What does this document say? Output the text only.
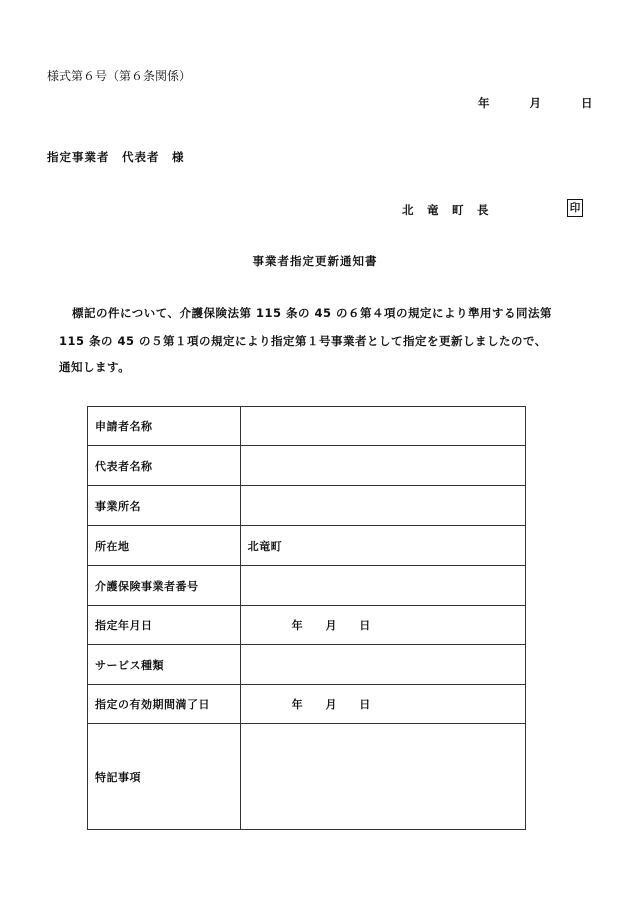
様式第６号（第６条関係）
年	月	日
指定事業者　代表者　様
北　竜　町　長	印
事業者指定更新通知書
標記の件について、介護保険法第 115 条の 45 の６第４項の規定により準用する同法第
115 条の 45 の５第１項の規定により指定第１号事業者として指定を更新しましたので、
通知します。
申請者名称	
代表者名称	
事業所名	
所在地	北竜町
介護保険事業者番号	
指定年月日	年 月 日
サービス種類	
指定の有効期間満了日	年 月 日
特記事項	
